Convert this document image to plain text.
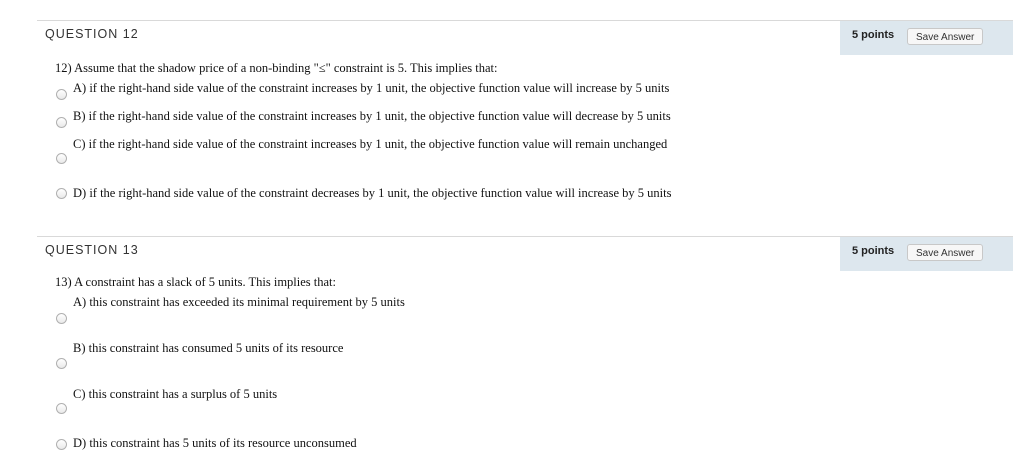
QUESTION 12	5 points	Save Answer
12) Assume that the shadow price of a non-binding "≤" constraint is 5. This implies that:
A) if the right-hand side value of the constraint increases by 1 unit, the objective function value will increase by 5 units
B) if the right-hand side value of the constraint increases by 1 unit, the objective function value will decrease by 5 units
C) if the right-hand side value of the constraint increases by 1 unit, the objective function value will remain unchanged
D) if the right-hand side value of the constraint decreases by 1 unit, the objective function value will increase by 5 units
QUESTION 13	5 points	Save Answer
13) A constraint has a slack of 5 units. This implies that:
A) this constraint has exceeded its minimal requirement by 5 units
B) this constraint has consumed 5 units of its resource
C) this constraint has a surplus of 5 units
D) this constraint has 5 units of its resource unconsumed
